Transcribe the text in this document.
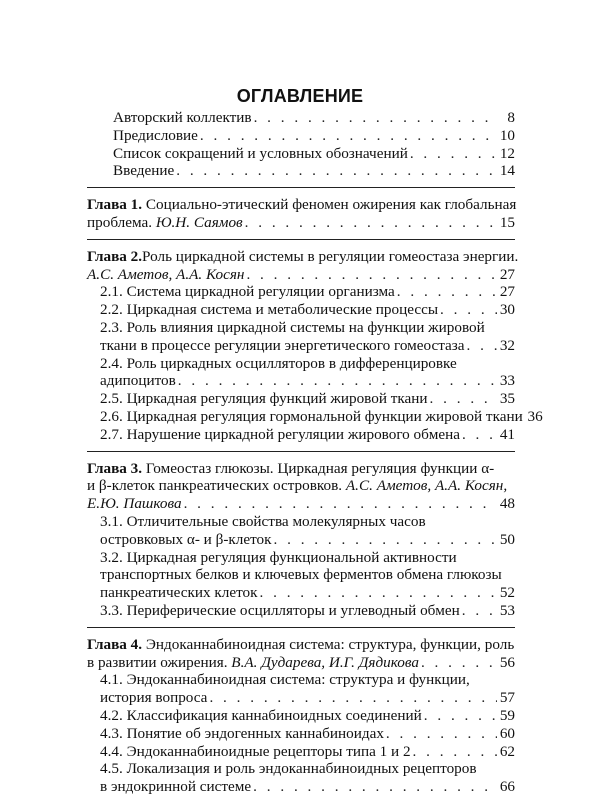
ОГЛАВЛЕНИЕ
Авторский коллектив . . .	8
Предисловие . . .	10
Список сокращений и условных обозначений . . .	12
Введение . . .	14
Глава 1. Социально-этический феномен ожирения как глобальная
проблема. Ю.Н. Саямов . . .	15
Глава 2.Роль циркадной системы в регуляции гомеостаза энергии.
А.С. Аметов, А.А. Косян . . .	27
2.1. Система циркадной регуляции организма . . .	27
2.2. Циркадная система и метаболические процессы . . .	30
2.3. Роль влияния циркадной системы на функции жировой
ткани в процессе регуляции энергетического гомеостаза . . . 32
2.4. Роль циркадных осцилляторов в дифференцировке
адипоцитов . . .	33
2.5. Циркадная регуляция функций жировой ткани . . .	35
2.6. Циркадная регуляция гормональной функции жировой ткани 36
2.7. Нарушение циркадной регуляции жирового обмена . . .	41
Глава 3. Гомеостаз глюкозы. Циркадная регуляция функции α-
и β-клеток панкреатических островков. А.С. Аметов, А.А. Косян,
Е.Ю. Пашкова . . .	48
3.1. Отличительные свойства молекулярных часов
островковых α- и β-клеток . . .	50
3.2. Циркадная регуляция функциональной активности
транспортных белков и ключевых ферментов обмена глюкозы
панкреатических клеток . . .	52
3.3. Периферические осцилляторы и углеводный обмен . . .	53
Глава 4. Эндоканнабиноидная система: структура, функции, роль
в развитии ожирения. В.А. Дударева, И.Г. Дядикова . . .	56
4.1. Эндоканнабиноидная система: структура и функции,
история вопроса . . .	57
4.2. Классификация каннабиноидных соединений . . .	59
4.3. Понятие об эндогенных каннабиноидах . . .	60
4.4. Эндоканнабиноидные рецепторы типа 1 и 2 . . .	62
4.5. Локализация и роль эндоканнабиноидных рецепторов
в эндокринной системе . . .	66
